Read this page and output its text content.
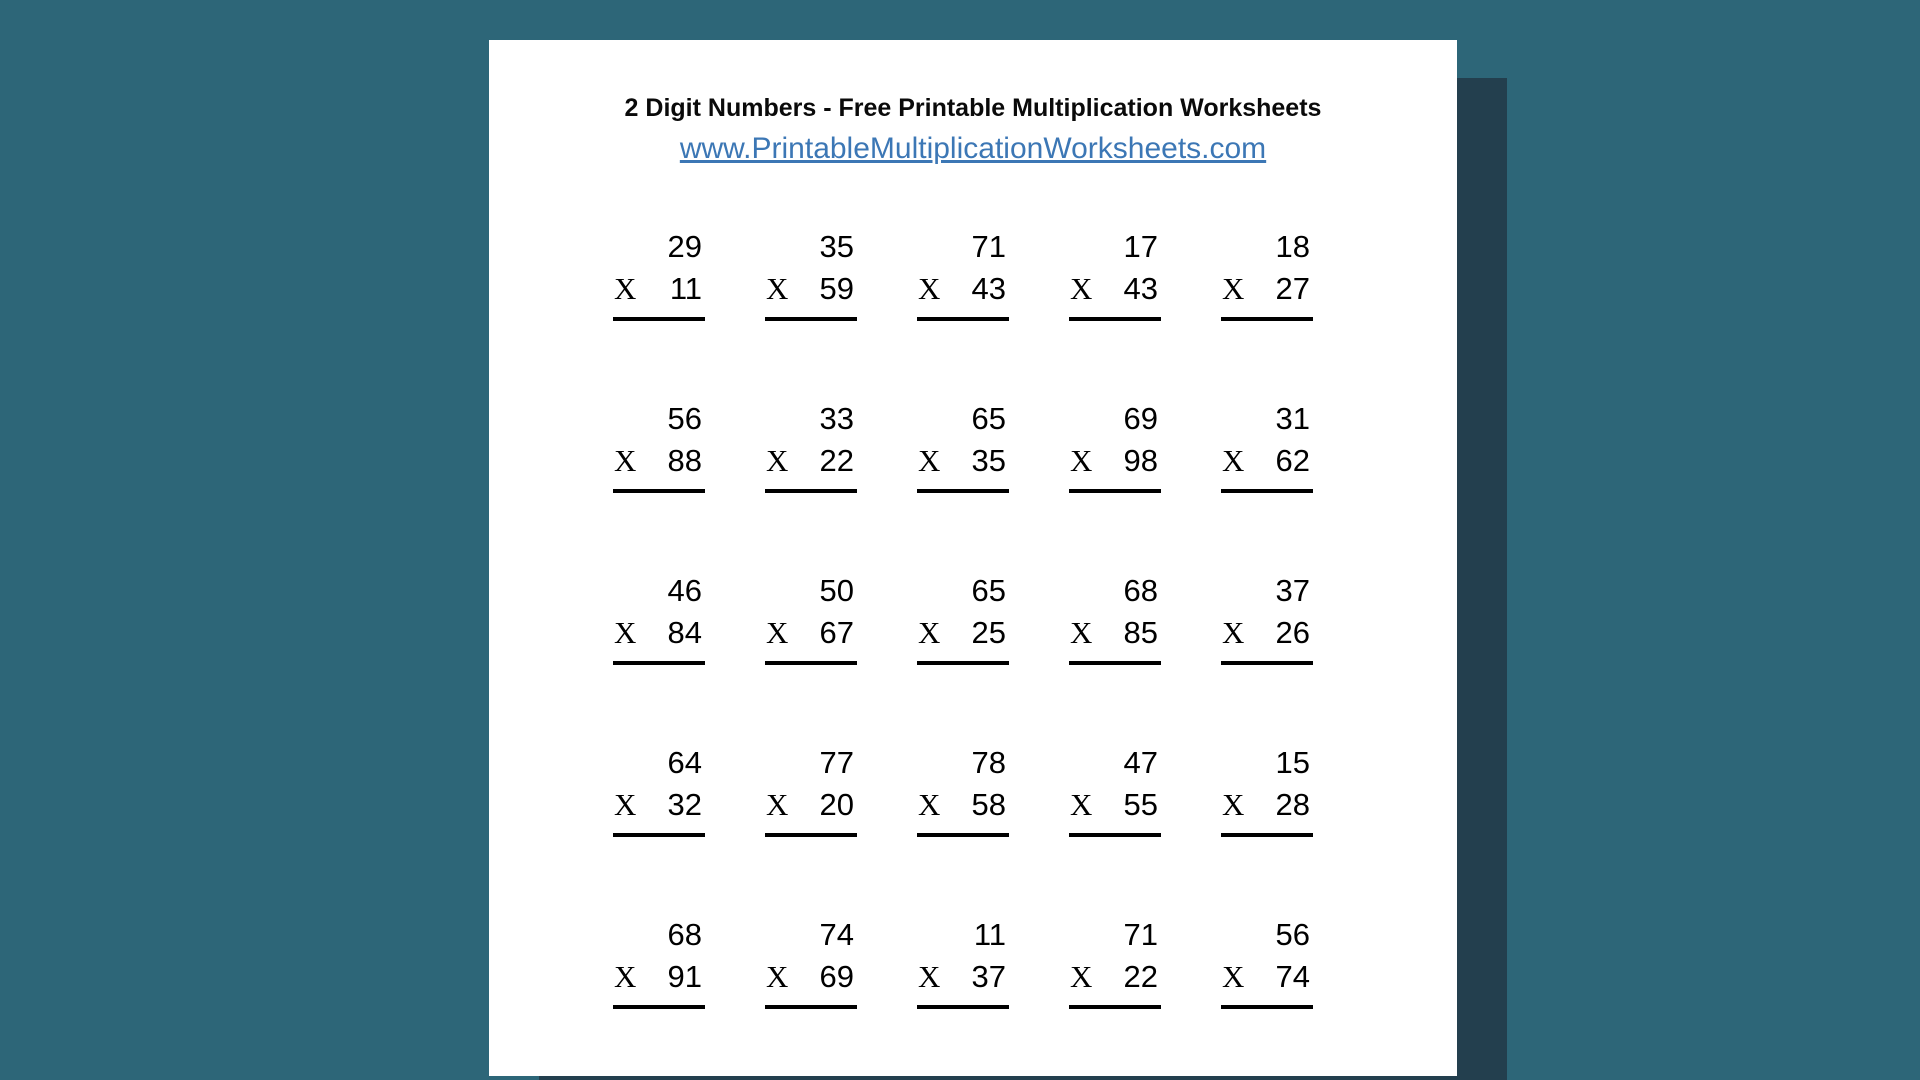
2 Digit Numbers - Free Printable Multiplication Worksheets
www.PrintableMultiplicationWorksheets.com
29
X 11
35
X 59
71
X 43
17
X 43
18
X 27
56
X 88
33
X 22
65
X 35
69
X 98
31
X 62
46
X 84
50
X 67
65
X 25
68
X 85
37
X 26
64
X 32
77
X 20
78
X 58
47
X 55
15
X 28
68
X 91
74
X 69
11
X 37
71
X 22
56
X 74
